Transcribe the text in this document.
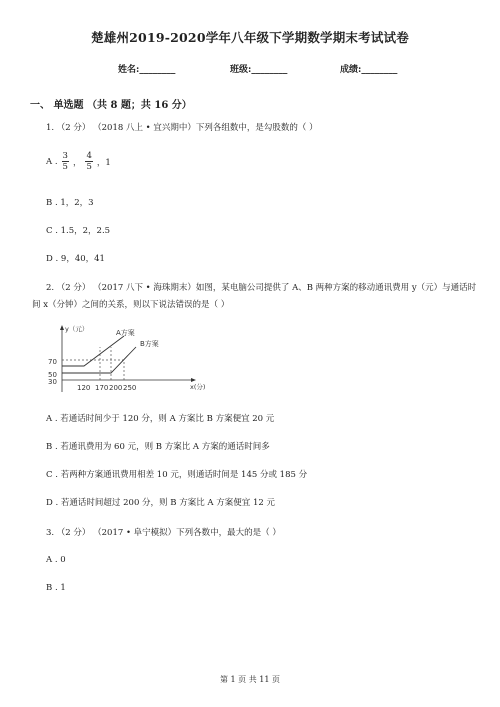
楚雄州2019-2020学年八年级下学期数学期末考试试卷
姓名:________	班级:________	成绩:________
一、 单选题 （共 8 题；共 16 分）
1. （2 分） （2018 八上 • 宜兴期中）下列各组数中，是勾股数的（ ）
A . $\frac{3}{5}$ ， $\frac{4}{5}$ ，1
B . 1，2，3
C . 1.5，2，2.5
D . 9，40，41
2. （2 分） （2017 八下 • 海珠期末）如图，某电脑公司提供了 A、B 两种方案的移动通讯费用 y（元）与通话时
间 x（分钟）之间的关系，则以下说法错误的是（ ）
y（元）
x(分)
70
50
30
120 170 200 250
A方案
B方案
A . 若通话时间少于 120 分，则 A 方案比 B 方案便宜 20 元
B . 若通讯费用为 60 元，则 B 方案比 A 方案的通话时间多
C . 若两种方案通讯费用相差 10 元，则通话时间是 145 分或 185 分
D . 若通话时间超过 200 分，则 B 方案比 A 方案便宜 12 元
3. （2 分） （2017 • 阜宁模拟）下列各数中，最大的是（ ）
A . 0
B . 1
第 1 页 共 11 页
